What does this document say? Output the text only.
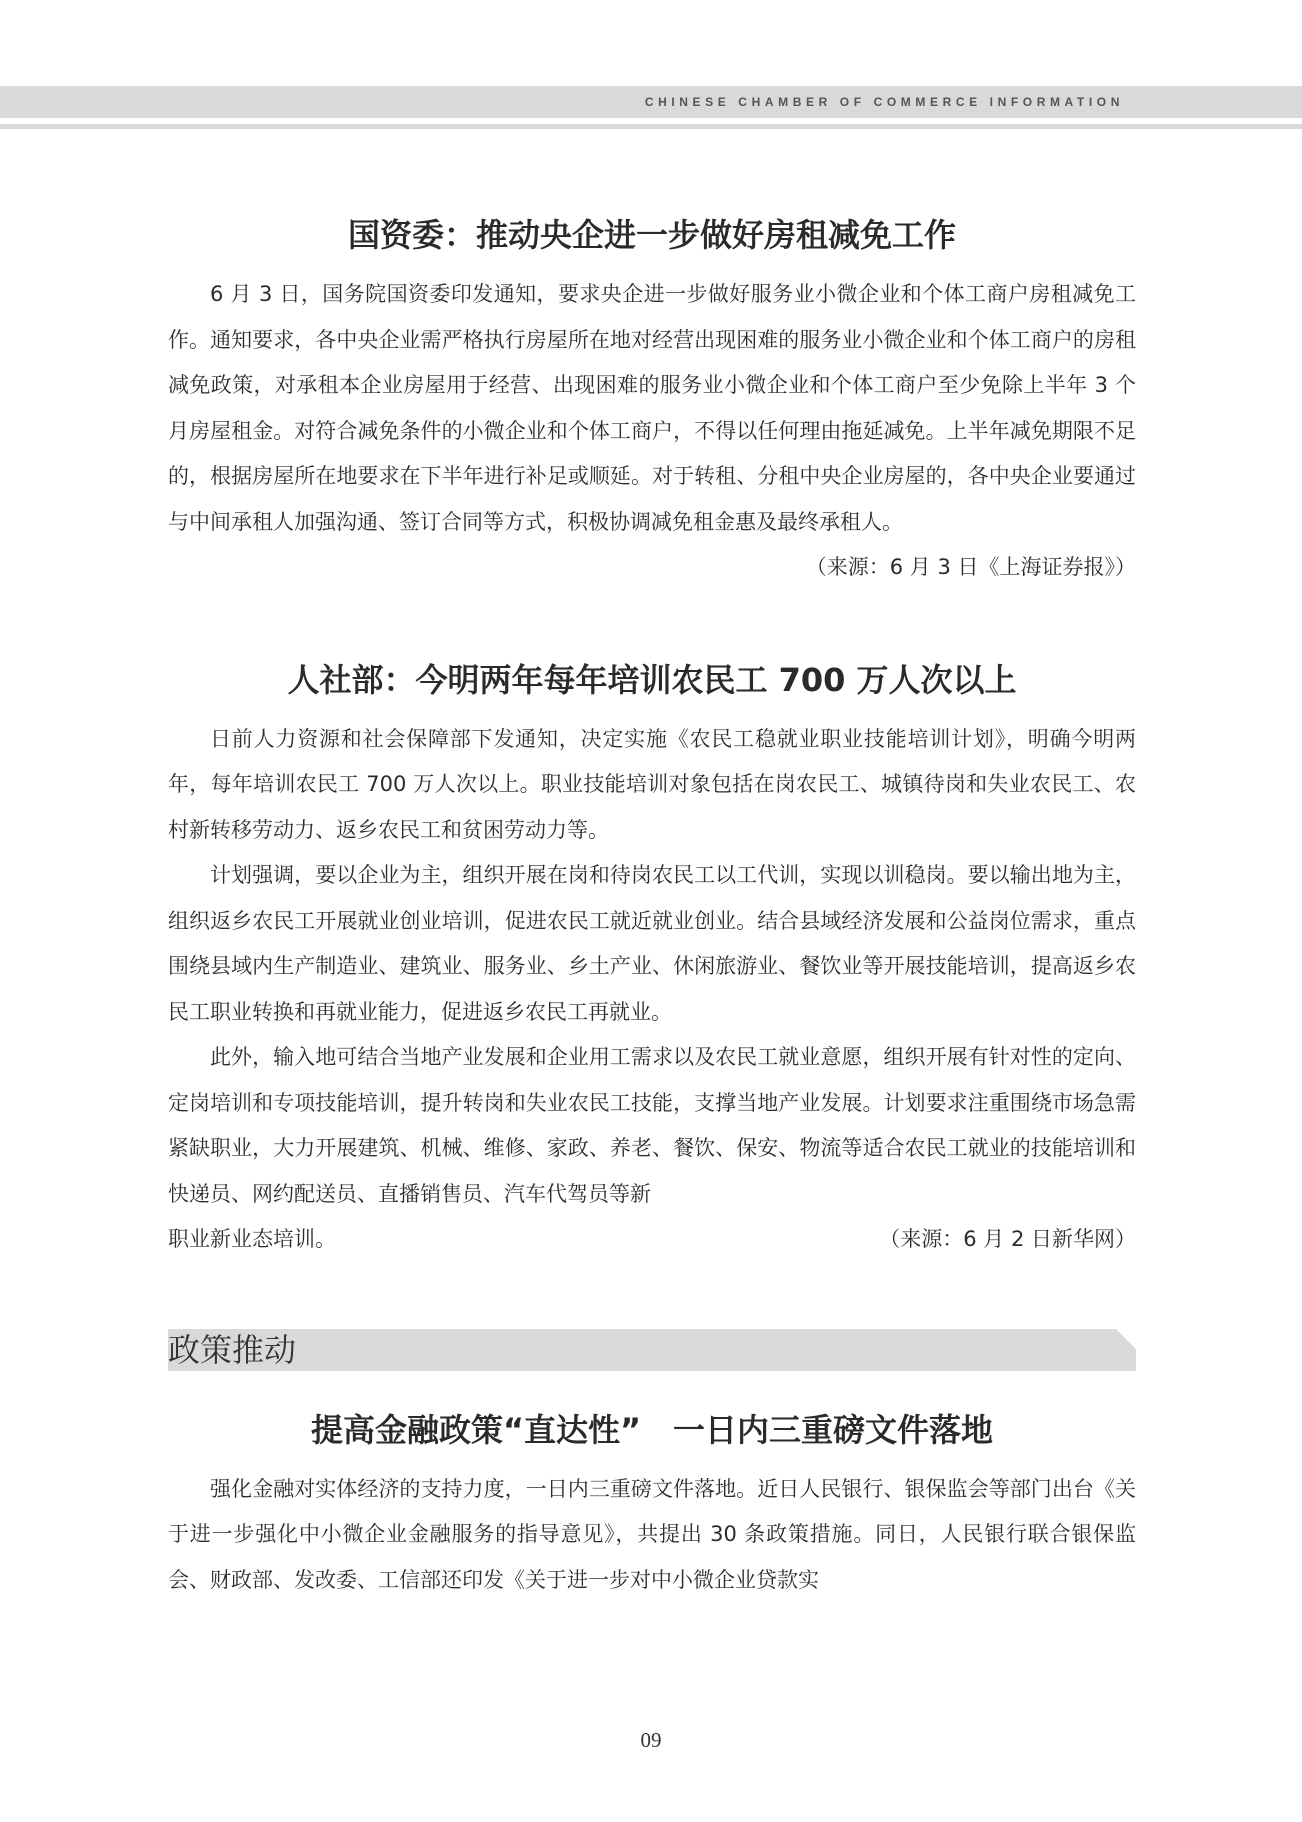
CHINESE CHAMBER OF COMMERCE INFORMATION
国资委：推动央企进一步做好房租减免工作

6 月 3 日，国务院国资委印发通知，要求央企进一步做好服务业小微企业和个体工商户房租减免工作。通知要求，各中央企业需严格执行房屋所在地对经营出现困难的服务业小微企业和个体工商户的房租减免政策，对承租本企业房屋用于经营、出现困难的服务业小微企业和个体工商户至少免除上半年 3 个月房屋租金。对符合减免条件的小微企业和个体工商户，不得以任何理由拖延减免。上半年减免期限不足的，根据房屋所在地要求在下半年进行补足或顺延。对于转租、分租中央企业房屋的，各中央企业要通过与中间承租人加强沟通、签订合同等方式，积极协调减免租金惠及最终承租人。

（来源：6 月 3 日《上海证券报》）

人社部：今明两年每年培训农民工 700 万人次以上

日前人力资源和社会保障部下发通知，决定实施《农民工稳就业职业技能培训计划》，明确今明两年，每年培训农民工 700 万人次以上。职业技能培训对象包括在岗农民工、城镇待岗和失业农民工、农村新转移劳动力、返乡农民工和贫困劳动力等。

计划强调，要以企业为主，组织开展在岗和待岗农民工以工代训，实现以训稳岗。要以输出地为主，组织返乡农民工开展就业创业培训，促进农民工就近就业创业。结合县域经济发展和公益岗位需求，重点围绕县域内生产制造业、建筑业、服务业、乡土产业、休闲旅游业、餐饮业等开展技能培训，提高返乡农民工职业转换和再就业能力，促进返乡农民工再就业。

此外，输入地可结合当地产业发展和企业用工需求以及农民工就业意愿，组织开展有针对性的定向、定岗培训和专项技能培训，提升转岗和失业农民工技能，支撑当地产业发展。计划要求注重围绕市场急需紧缺职业，大力开展建筑、机械、维修、家政、养老、餐饮、保安、物流等适合农民工就业的技能培训和快递员、网约配送员、直播销售员、汽车代驾员等新

职业新业态培训。	（来源：6 月 2 日新华网）
政策推动
提高金融政策“直达性”　一日内三重磅文件落地

强化金融对实体经济的支持力度，一日内三重磅文件落地。近日人民银行、银保监会等部门出台《关于进一步强化中小微企业金融服务的指导意见》，共提出 30 条政策措施。同日，人民银行联合银保监会、财政部、发改委、工信部还印发《关于进一步对中小微企业贷款实

09
